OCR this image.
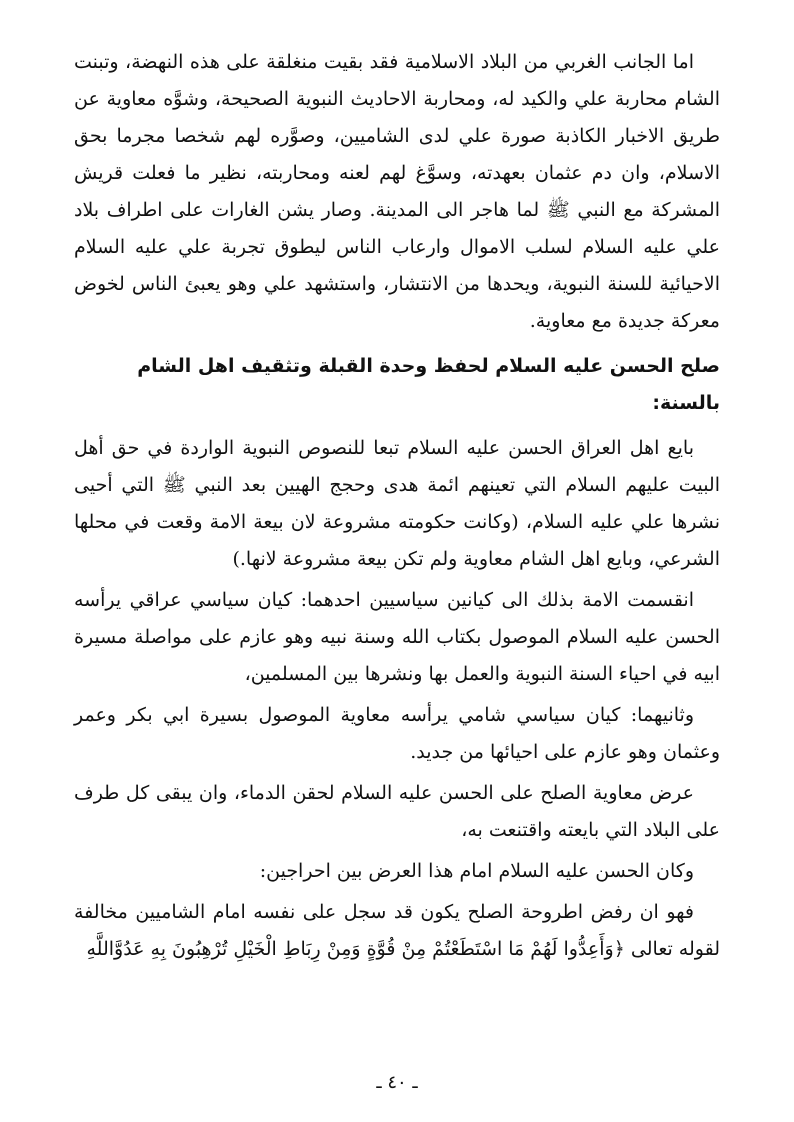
اما الجانب الغربي من البلاد الاسلامية فقد بقيت منغلقة على هذه النهضة، وتبنت الشام محاربة علي والكيد له، ومحاربة الاحاديث النبوية الصحيحة، وشوَّه معاوية عن طريق الاخبار الكاذبة صورة علي لدى الشاميين، وصوَّره لهم شخصا مجرما بحق الاسلام، وان دم عثمان بعهدته، وسوَّغ لهم لعنه ومحاربته، نظير ما فعلت قريش المشركة مع النبي ﷺ لما هاجر الى المدينة. وصار يشن الغارات على اطراف بلاد علي عليه السلام لسلب الاموال وارعاب الناس ليطوق تجربة علي عليه السلام الاحيائية للسنة النبوية، ويحدها من الانتشار، واستشهد علي وهو يعبئ الناس لخوض معركة جديدة مع معاوية.

صلح الحسن عليه السلام لحفظ وحدة القبلة وتثقيف اهل الشام بالسنة:

بايع اهل العراق الحسن عليه السلام تبعا للنصوص النبوية الواردة في حق أهل البيت عليهم السلام التي تعينهم ائمة هدى وحجج الهيين بعد النبي ﷺ التي أحيى نشرها علي عليه السلام، (وكانت حكومته مشروعة لان بيعة الامة وقعت في محلها الشرعي، وبايع اهل الشام معاوية ولم تكن بيعة مشروعة لانها.)

انقسمت الامة بذلك الى كيانين سياسيين احدهما: كيان سياسي عراقي يرأسه الحسن عليه السلام الموصول بكتاب الله وسنة نبيه وهو عازم على مواصلة مسيرة ابيه في احياء السنة النبوية والعمل بها ونشرها بين المسلمين،

وثانيهما: كيان سياسي شامي يرأسه معاوية الموصول بسيرة ابي بكر وعمر وعثمان وهو عازم على احيائها من جديد.

عرض معاوية الصلح على الحسن عليه السلام لحقن الدماء، وان يبقى كل طرف على البلاد التي بايعته واقتنعت به،

وكان الحسن عليه السلام امام هذا العرض بين احراجين:

فهو ان رفض اطروحة الصلح يكون قد سجل على نفسه امام الشاميين مخالفة لقوله تعالى ﴿وَأَعِدُّوا لَهُمْ مَا اسْتَطَعْتُمْ مِنْ قُوَّةٍ وَمِنْ رِبَاطِ الْخَيْلِ تُرْهِبُونَ بِهِ عَدُوَّاللَّهِ

ـ ٤٠ ـ
